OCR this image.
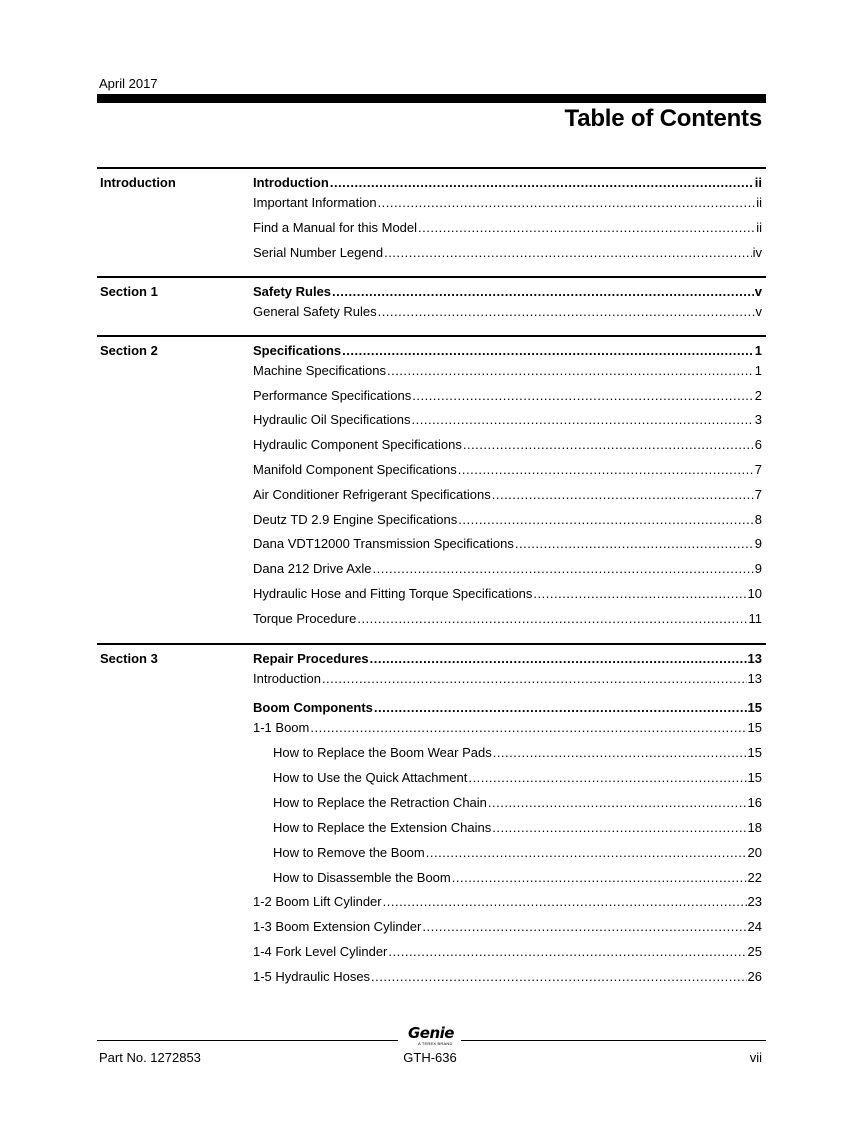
April 2017
Table of Contents
Introduction	Introduction .....	ii
Important Information .....	ii
Find a Manual for this Model .....	ii
Serial Number Legend .....	iv
Section 1	Safety Rules .....	v
General Safety Rules .....	v
Section 2	Specifications .....	1
Machine Specifications .....	1
Performance Specifications .....	2
Hydraulic Oil Specifications .....	3
Hydraulic Component Specifications .....	6
Manifold Component Specifications .....	7
Air Conditioner Refrigerant Specifications .....	7
Deutz TD 2.9 Engine Specifications .....	8
Dana VDT12000 Transmission Specifications .....	9
Dana 212 Drive Axle .....	9
Hydraulic Hose and Fitting Torque Specifications .....	10
Torque Procedure .....	11
Section 3	Repair Procedures .....	13
Introduction .....	13
Boom Components .....	15
1-1 Boom .....	15
How to Replace the Boom Wear Pads .....	15
How to Use the Quick Attachment .....	15
How to Replace the Retraction Chain .....	16
How to Replace the Extension Chains .....	18
How to Remove the Boom .....	20
How to Disassemble the Boom .....	22
1-2 Boom Lift Cylinder .....	23
1-3 Boom Extension Cylinder .....	24
1-4 Fork Level Cylinder .....	25
1-5 Hydraulic Hoses .....	26
Genie
A TEREX BRAND
Part No. 1272853	GTH-636	vii
